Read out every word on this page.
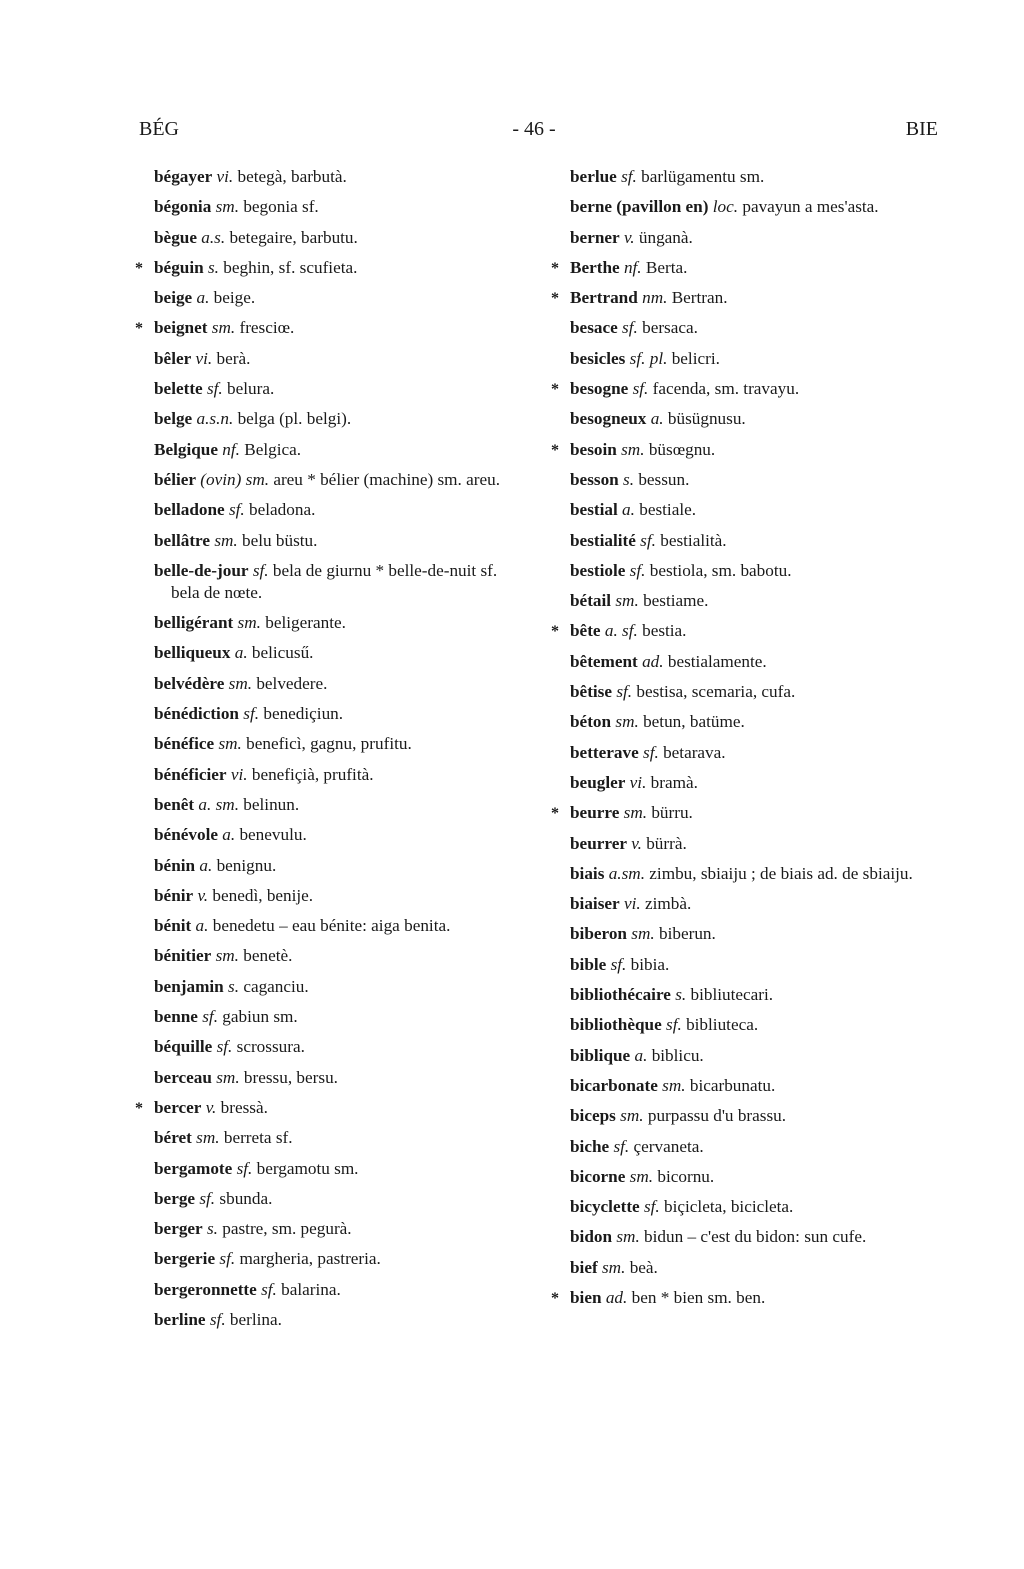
BÉG	- 46 -	BIE
bégayer vi. betegà, barbutà.
bégonia sm. begonia sf.
bègue a.s. betegaire, barbutu.
* béguin s. beghin, sf. scufieta.
beige a. beige.
* beignet sm. fresciœ.
bêler vi. berà.
belette sf. belura.
belge a.s.n. belga (pl. belgi).
Belgique nf. Belgica.
bélier (ovin) sm. areu * bélier (machine) sm. areu.
belladone sf. beladona.
bellâtre sm. belu büstu.
belle-de-jour sf. bela de giurnu * belle-de-nuit sf. bela de nœte.
belligérant sm. beligerante.
belliqueux a. belicusű.
belvédère sm. belvedere.
bénédiction sf. benediçiun.
bénéfice sm. beneficì, gagnu, prufitu.
bénéficier vi. benefiçià, prufità.
benêt a. sm. belinun.
bénévole a. benevulu.
bénin a. benignu.
bénir v. benedì, benije.
bénit a. benedetu – eau bénite: aiga benita.
bénitier sm. benetè.
benjamin s. caganciu.
benne sf. gabiun sm.
béquille sf. scrossura.
berceau sm. bressu, bersu.
* bercer v. bressà.
béret sm. berreta sf.
bergamote sf. bergamotu sm.
berge sf. sbunda.
berger s. pastre, sm. pegurà.
bergerie sf. margheria, pastreria.
bergeronnette sf. balarina.
berline sf. berlina.
berlue sf. barlügamentu sm.
berne (pavillon en) loc. pavayun a mes'asta.
berner v. ünganà.
* Berthe nf. Berta.
* Bertrand nm. Bertran.
besace sf. bersaca.
besicles sf. pl. belicri.
* besogne sf. facenda, sm. travayu.
besogneux a. büsügnusu.
* besoin sm. büsœgnu.
besson s. bessun.
bestial a. bestiale.
bestialité sf. bestialità.
bestiole sf. bestiola, sm. babotu.
bétail sm. bestiame.
* bête a. sf. bestia.
bêtement ad. bestialamente.
bêtise sf. bestisa, scemaria, cufa.
béton sm. betun, batüme.
betterave sf. betarava.
beugler vi. bramà.
* beurre sm. bürru.
beurrer v. bürrà.
biais a.sm. zimbu, sbiaiju ; de biais ad. de sbiaiju.
biaiser vi. zimbà.
biberon sm. biberun.
bible sf. bibia.
bibliothécaire s. bibliutecari.
bibliothèque sf. bibliuteca.
biblique a. biblicu.
bicarbonate sm. bicarbunatu.
biceps sm. purpassu d'u brassu.
biche sf. çervaneta.
bicorne sm. bicornu.
bicyclette sf. biçicleta, bicicleta.
bidon sm. bidun – c'est du bidon: sun cufe.
bief sm. beà.
* bien ad. ben * bien sm. ben.
